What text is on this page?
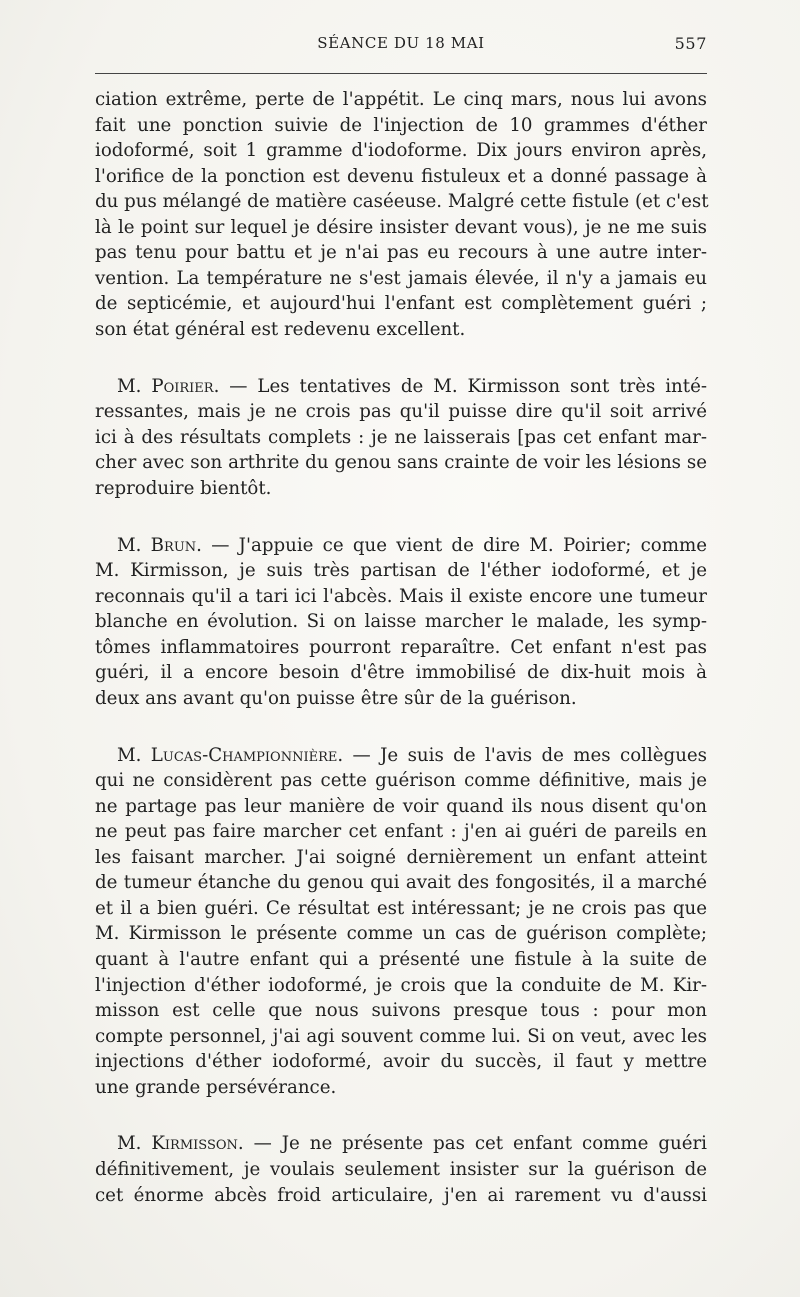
SÉANCE DU 18 MAI	557
ciation extrême, perte de l'appétit. Le cinq mars, nous lui avons
fait une ponction suivie de l'injection de 10 grammes d'éther
iodoformé, soit 1 gramme d'iodoforme. Dix jours environ après,
l'orifice de la ponction est devenu fistuleux et a donné passage à
du pus mélangé de matière caséeuse. Malgré cette fistule (et c'est
là le point sur lequel je désire insister devant vous), je ne me suis
pas tenu pour battu et je n'ai pas eu recours à une autre inter-
vention. La température ne s'est jamais élevée, il n'y a jamais eu
de septicémie, et aujourd'hui l'enfant est complètement guéri ;
son état général est redevenu excellent.
M. Poirier. — Les tentatives de M. Kirmisson sont très inté-
ressantes, mais je ne crois pas qu'il puisse dire qu'il soit arrivé
ici à des résultats complets : je ne laisserais [pas cet enfant mar-
cher avec son arthrite du genou sans crainte de voir les lésions se
reproduire bientôt.
M. Brun. — J'appuie ce que vient de dire M. Poirier; comme
M. Kirmisson, je suis très partisan de l'éther iodoformé, et je
reconnais qu'il a tari ici l'abcès. Mais il existe encore une tumeur
blanche en évolution. Si on laisse marcher le malade, les symp-
tômes inflammatoires pourront reparaître. Cet enfant n'est pas
guéri, il a encore besoin d'être immobilisé de dix-huit mois à
deux ans avant qu'on puisse être sûr de la guérison.
M. Lucas-Championnière. — Je suis de l'avis de mes collègues
qui ne considèrent pas cette guérison comme définitive, mais je
ne partage pas leur manière de voir quand ils nous disent qu'on
ne peut pas faire marcher cet enfant : j'en ai guéri de pareils en
les faisant marcher. J'ai soigné dernièrement un enfant atteint
de tumeur étanche du genou qui avait des fongosités, il a marché
et il a bien guéri. Ce résultat est intéressant; je ne crois pas que
M. Kirmisson le présente comme un cas de guérison complète;
quant à l'autre enfant qui a présenté une fistule à la suite de
l'injection d'éther iodoformé, je crois que la conduite de M. Kir-
misson est celle que nous suivons presque tous : pour mon
compte personnel, j'ai agi souvent comme lui. Si on veut, avec les
injections d'éther iodoformé, avoir du succès, il faut y mettre
une grande persévérance.
M. Kirmisson. — Je ne présente pas cet enfant comme guéri
définitivement, je voulais seulement insister sur la guérison de
cet énorme abcès froid articulaire, j'en ai rarement vu d'aussi
